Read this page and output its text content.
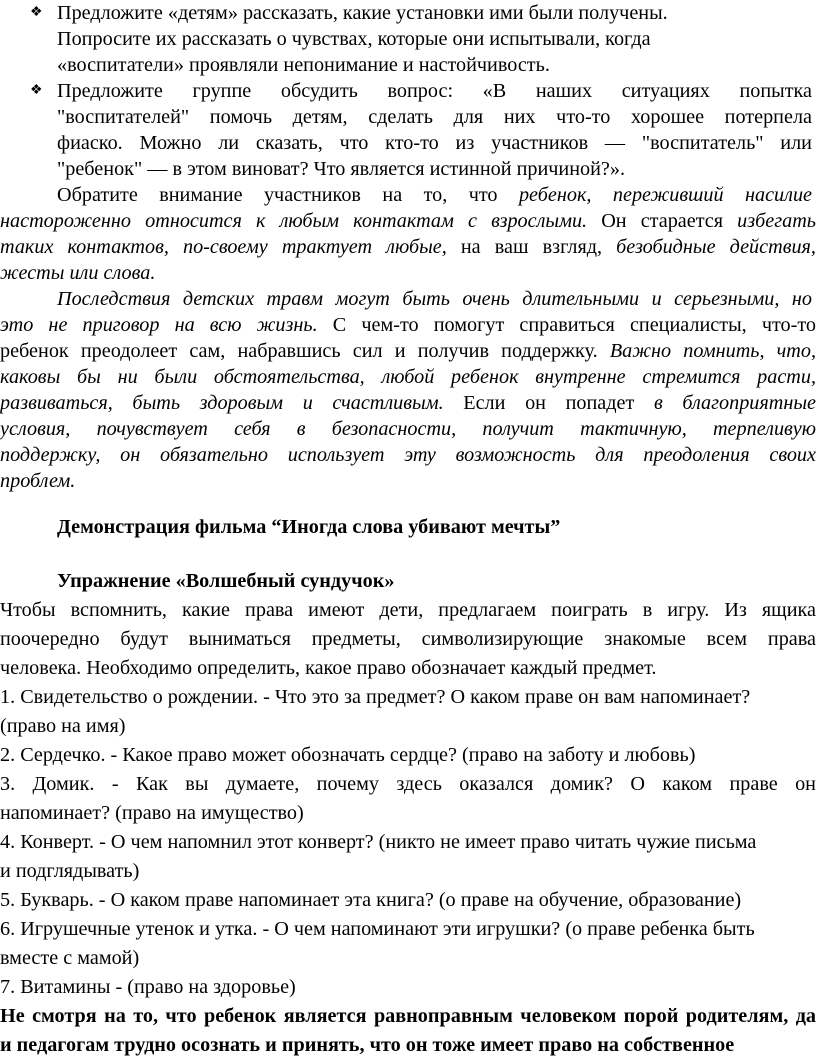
❖ Предложите «детям» рассказать, какие установки ими были получены.

Попросите их рассказать о чувствах, которые они испытывали, когда

«воспитатели» проявляли непонимание и настойчивость.

❖ Предложите группе обсудить вопрос: «В наших ситуациях попытка

"воспитателей" помочь детям, сделать для них что-то хорошее потерпела

фиаско. Можно ли сказать, что кто-то из участников — "воспитатель" или

"ребенок" — в этом виноват? Что является истинной причиной?».

Обратите внимание участников на то, что ребенок, переживший насилие

настороженно относится к любым контактам с взрослыми. Он старается избегать

таких контактов, по-своему трактует любые, на ваш взгляд, безобидные действия,

жесты или слова.

Последствия детских травм могут быть очень длительными и серьезными, но

это не приговор на всю жизнь. С чем-то помогут справиться специалисты, что-то

ребенок преодолеет сам, набравшись сил и получив поддержку. Важно помнить, что,

каковы бы ни были обстоятельства, любой ребенок внутренне стремится расти,

развиваться, быть здоровым и счастливым. Если он попадет в благоприятные

условия, почувствует себя в безопасности, получит тактичную, терпеливую

поддержку, он обязательно использует эту возможность для преодоления своих

проблем.

Демонстрация фильма “Иногда слова убивают мечты”

Упражнение «Волшебный сундучок»

Чтобы вспомнить, какие права имеют дети, предлагаем поиграть в игру. Из ящика

поочередно будут выниматься предметы, символизирующие знакомые всем права

человека. Необходимо определить, какое право обозначает каждый предмет.

1. Свидетельство о рождении. - Что это за предмет? О каком праве он вам напоминает?

(право на имя)

2. Сердечко. - Какое право может обозначать сердце? (право на заботу и любовь)

3. Домик. - Как вы думаете, почему здесь оказался домик? О каком праве он

напоминает? (право на имущество)

4. Конверт. - О чем напомнил этот конверт? (никто не имеет право читать чужие письма

и подглядывать)

5. Букварь. - О каком праве напоминает эта книга? (о праве на обучение, образование)

6. Игрушечные утенок и утка. - О чем напоминают эти игрушки? (о праве ребенка быть

вместе с мамой)

7. Витамины - (право на здоровье)

Не смотря на то, что ребенок является равноправным человеком порой родителям, да

и педагогам трудно осознать и принять, что он тоже имеет право на собственное
